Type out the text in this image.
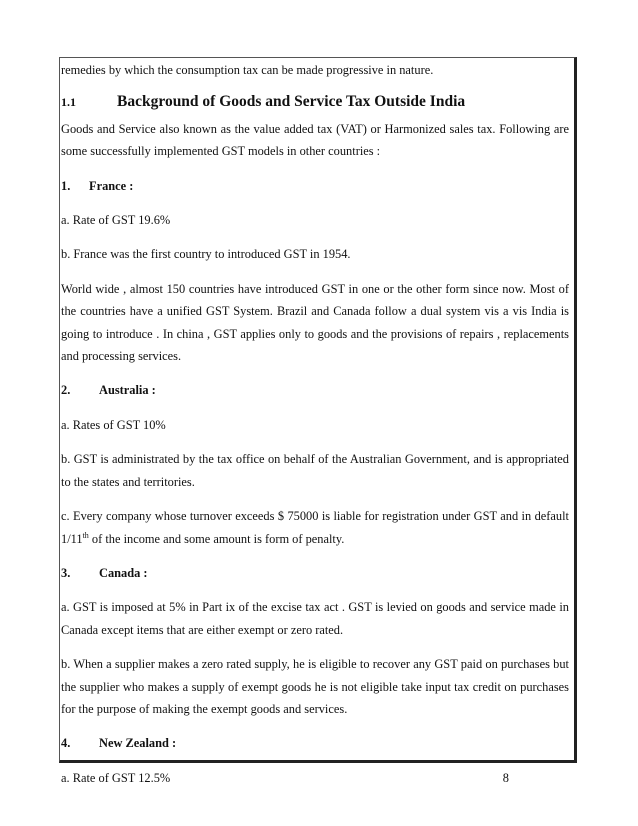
remedies by which the consumption tax can be made progressive in nature.

1.1	Background of Goods and Service Tax Outside India

Goods and Service also known as the value added tax (VAT) or Harmonized sales tax. Following are some successfully implemented GST models in other countries :

1.	France :

a. Rate of GST 19.6%

b. France was the first country to introduced GST in 1954.

World wide , almost 150 countries have introduced GST in one or the other form since now. Most of the countries have a unified GST System. Brazil and Canada follow a dual system vis a vis India is going to introduce . In china , GST applies only to goods and the provisions of repairs , replacements and processing services.

2.	Australia :

a. Rates of GST 10%

b. GST is administrated by the tax office on behalf of the Australian Government, and is appropriated to the states and territories.

c. Every company whose turnover exceeds $ 75000 is liable for registration under GST and in default 1/11th of the income and some amount is form of penalty.

3.	Canada :

a. GST is imposed at 5% in Part ix of the excise tax act . GST is levied on goods and service made in Canada except items that are either exempt or zero rated.

b. When a supplier makes a zero rated supply, he is eligible to recover any GST paid on purchases but the supplier who makes a supply of exempt goods he is not eligible take input tax credit on purchases for the purpose of making the exempt goods and services.

4.	New Zealand :
a. Rate of GST 12.5%	8
